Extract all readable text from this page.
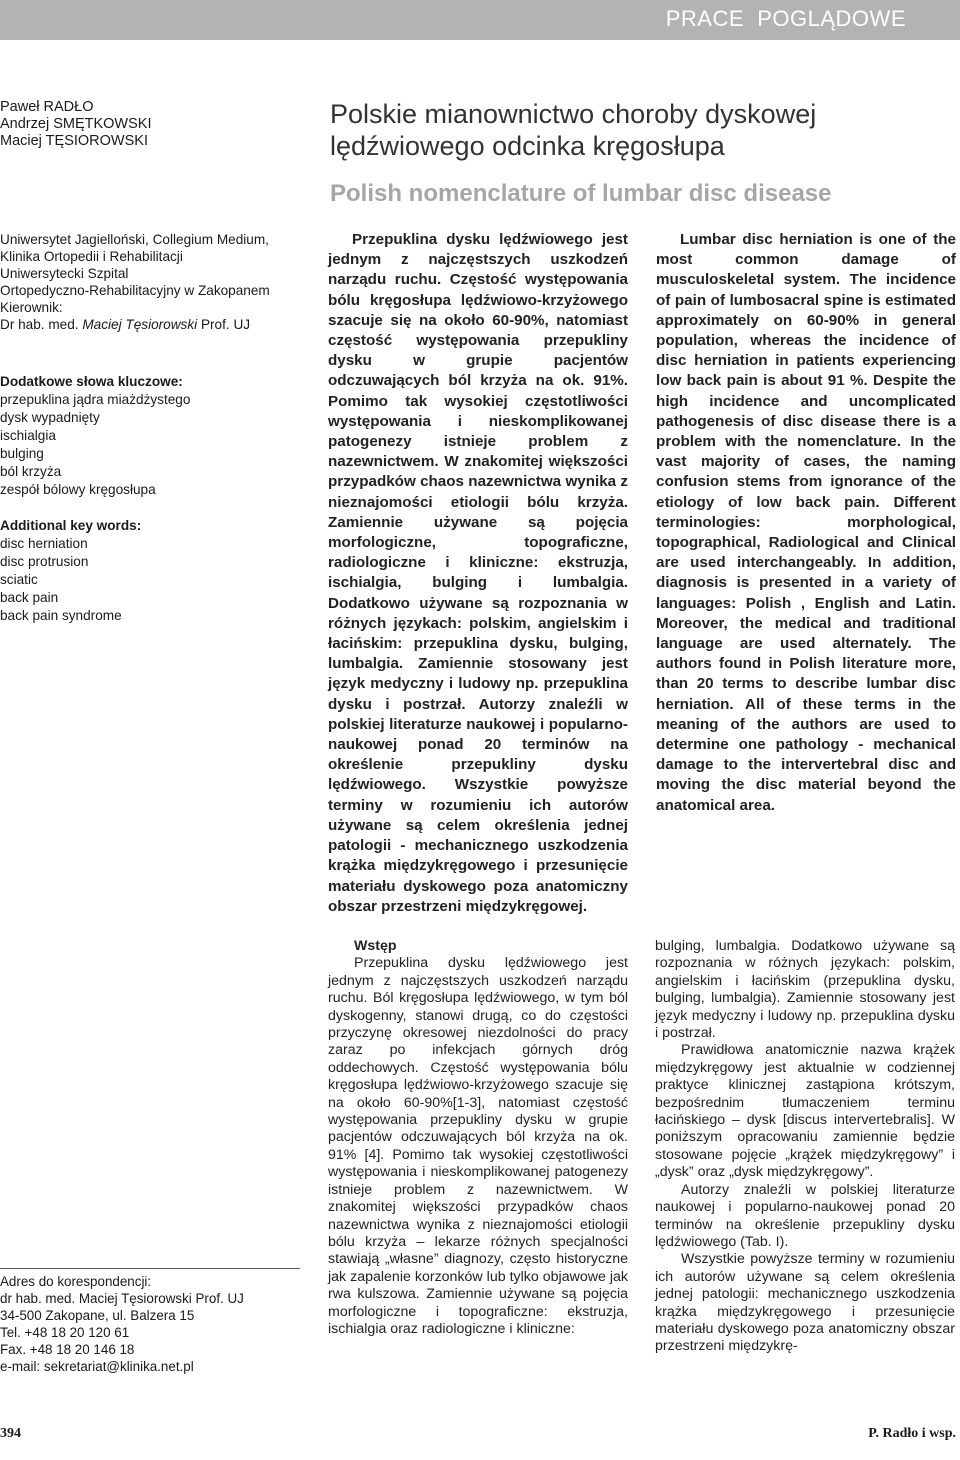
PRACE  POGLĄDOWE
Paweł RADŁO
Andrzej SMĘTKOWSKI
Maciej TĘSIOROWSKI
Polskie mianownictwo choroby dyskowej lędźwiowego odcinka kręgosłupa
Polish nomenclature of lumbar disc disease
Uniwersytet Jagielloński, Collegium Medium,
Klinika Ortopedii i Rehabilitacji
Uniwersytecki Szpital
Ortopedyczno-Rehabilitacyjny w Zakopanem
Kierownik:
Dr hab. med. Maciej Tęsiorowski Prof. UJ
Dodatkowe słowa kluczowe:
przepuklina jądra miażdżystego
dysk wypadnięty
ischialgia
bulging
ból krzyża
zespół bólowy kręgosłupa
Additional key words:
disc herniation
disc protrusion
sciatic
back pain
back pain syndrome

Przepuklina dysku lędźwiowego jest jednym z najczęstszych uszkodzeń narządu ruchu. Częstość występowania bólu kręgosłupa lędźwiowo-krzyżowego szacuje się na około 60-90%, natomiast częstość występowania przepukliny dysku w grupie pacjentów odczuwających ból krzyża na ok. 91%. Pomimo tak wysokiej częstotliwości występowania i nieskomplikowanej patogenezy istnieje problem z nazewnictwem. W znakomitej większości przypadków chaos nazewnictwa wynika z nieznajomości etiologii bólu krzyża. Zamiennie używane są pojęcia morfologiczne, topograficzne, radiologiczne i kliniczne: ekstruzja, ischialgia, bulging i lumbalgia. Dodatkowo używane są rozpoznania w różnych językach: polskim, angielskim i łacińskim: przepuklina dysku, bulging, lumbalgia. Zamiennie stosowany jest język medyczny i ludowy np. przepuklina dysku i postrzał. Autorzy znaleźli w polskiej literaturze naukowej i popularno-naukowej ponad 20 terminów na określenie przepukliny dysku lędźwiowego. Wszystkie powyższe terminy w rozumieniu ich autorów używane są celem określenia jednej patologii - mechanicznego uszkodzenia krążka międzykręgowego i przesunięcie materiału dyskowego poza anatomiczny obszar przestrzeni międzykręgowej.

Lumbar disc herniation is one of the most common damage of musculoskeletal system. The incidence of pain of lumbosacral spine is estimated approximately on 60-90% in general population, whereas the incidence of disc herniation in patients experiencing low back pain is about 91 %. Despite the high incidence and uncomplicated pathogenesis of disc disease there is a problem with the nomenclature. In the vast majority of cases, the naming confusion stems from ignorance of the etiology of low back pain. Different terminologies: morphological, topographical, Radiological and Clinical are used interchangeably. In addition, diagnosis is presented in a variety of languages: Polish , English and Latin. Moreover, the medical and traditional language are used alternately. The authors found in Polish literature more, than 20 terms to describe lumbar disc herniation. All of these terms in the meaning of the authors are used to determine one pathology - mechanical damage to the intervertebral disc and moving the disc material beyond the anatomical area.

Wstęp

Przepuklina dysku lędźwiowego jest jednym z najczęstszych uszkodzeń narządu ruchu. Ból kręgosłupa lędźwiowego, w tym ból dyskogenny, stanowi drugą, co do częstości przyczynę okresowej niezdolności do pracy zaraz po infekcjach górnych dróg oddechowych. Częstość występowania bólu kręgosłupa lędźwiowo-krzyżowego szacuje się na około 60-90%[1-3], natomiast częstość występowania przepukliny dysku w grupie pacjentów odczuwających ból krzyża na ok. 91% [4]. Pomimo tak wysokiej częstotliwości występowania i nieskomplikowanej patogenezy istnieje problem z nazewnictwem. W znakomitej większości przypadków chaos nazewnictwa wynika z nieznajomości etiologii bólu krzyża – lekarze różnych specjalności stawiają „własne” diagnozy, często historyczne jak zapalenie korzonków lub tylko objawowe jak rwa kulszowa. Zamiennie używane są pojęcia morfologiczne i topograficzne: ekstruzja, ischialgia oraz radiologiczne i kliniczne:

bulging, lumbalgia. Dodatkowo używane są rozpoznania w różnych językach: polskim, angielskim i łacińskim (przepuklina dysku, bulging, lumbalgia). Zamiennie stosowany jest język medyczny i ludowy np. przepuklina dysku i postrzał.

Prawidłowa anatomicznie nazwa krążek międzykręgowy jest aktualnie w codziennej praktyce klinicznej zastąpiona krótszym, bezpośrednim tłumaczeniem terminu łacińskiego – dysk [discus intervertebralis]. W poniższym opracowaniu zamiennie będzie stosowane pojęcie „krążek międzykręgowy” i „dysk” oraz „dysk międzykręgowy”.

Autorzy znaleźli w polskiej literaturze naukowej i popularno-naukowej ponad 20 terminów na określenie przepukliny dysku lędźwiowego (Tab. I).

Wszystkie powyższe terminy w rozumieniu ich autorów używane są celem określenia jednej patologii: mechanicznego uszkodzenia krążka międzykręgowego i przesunięcie materiału dyskowego poza anatomiczny obszar przestrzeni międzykrę-

Adres do korespondencji:
dr hab. med. Maciej Tęsiorowski Prof. UJ
34-500 Zakopane, ul. Balzera 15
Tel. +48 18 20 120 61
Fax. +48 18 20 146 18
e-mail: sekretariat@klinika.net.pl
394	P. Radło i wsp.
